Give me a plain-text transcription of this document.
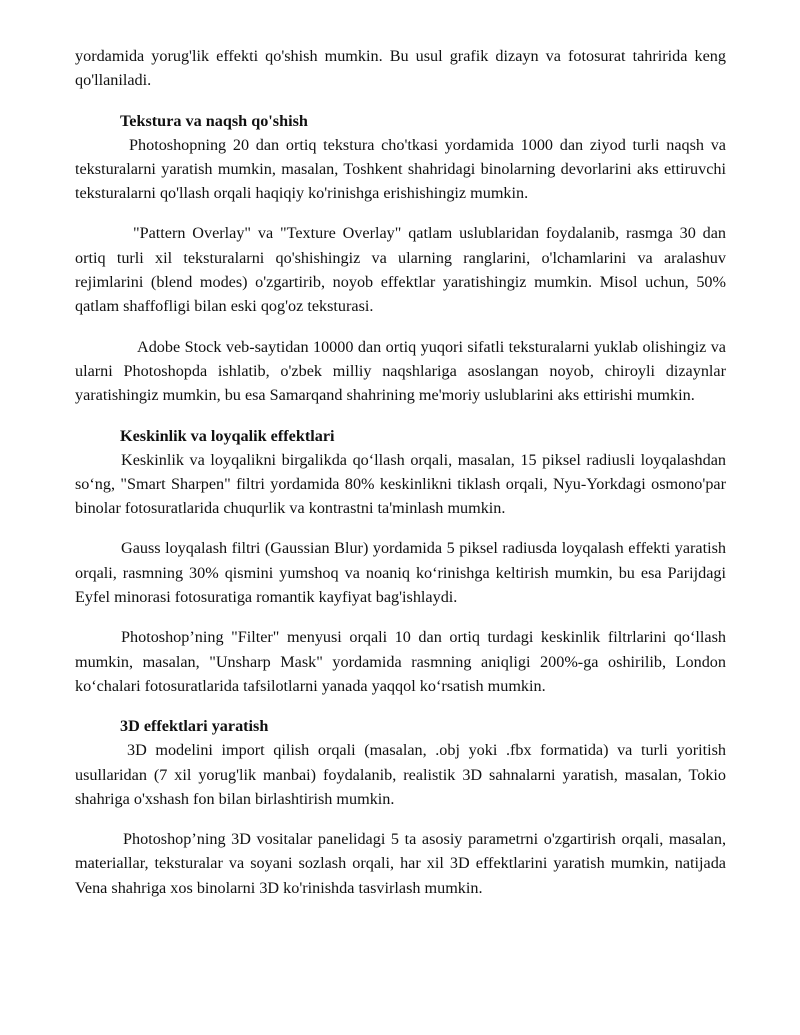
yordamida yorug'lik effekti qo'shish mumkin. Bu usul grafik dizayn va fotosurat tahririda keng qo'llaniladi.

Tekstura va naqsh qo'shish

Photoshopning 20 dan ortiq tekstura cho'tkasi yordamida 1000 dan ziyod turli naqsh va teksturalarni yaratish mumkin, masalan, Toshkent shahridagi binolarning devorlarini aks ettiruvchi teksturalarni qo'llash orqali haqiqiy ko'rinishga erishishingiz mumkin.

"Pattern Overlay" va "Texture Overlay" qatlam uslublaridan foydalanib, rasmga 30 dan ortiq turli xil teksturalarni qo'shishingiz va ularning ranglarini, o'lchamlarini va aralashuv rejimlarini (blend modes) o'zgartirib, noyob effektlar yaratishingiz mumkin. Misol uchun, 50% qatlam shaffofligi bilan eski qog'oz teksturasi.

Adobe Stock veb-saytidan 10000 dan ortiq yuqori sifatli teksturalarni yuklab olishingiz va ularni Photoshopda ishlatib, o'zbek milliy naqshlariga asoslangan noyob, chiroyli dizaynlar yaratishingiz mumkin, bu esa Samarqand shahrining me'moriy uslublarini aks ettirishi mumkin.

Keskinlik va loyqalik effektlari

Keskinlik va loyqalikni birgalikda qo‘llash orqali, masalan, 15 piksel radiusli loyqalashdan so‘ng, "Smart Sharpen" filtri yordamida 80% keskinlikni tiklash orqali, Nyu-Yorkdagi osmono'par binolar fotosuratlarida chuqurlik va kontrastni ta'minlash mumkin.

Gauss loyqalash filtri (Gaussian Blur) yordamida 5 piksel radiusda loyqalash effekti yaratish orqali, rasmning 30% qismini yumshoq va noaniq ko‘rinishga keltirish mumkin, bu esa Parijdagi Eyfel minorasi fotosuratiga romantik kayfiyat bag'ishlaydi.

Photoshop’ning "Filter" menyusi orqali 10 dan ortiq turdagi keskinlik filtrlarini qo‘llash mumkin, masalan, "Unsharp Mask" yordamida rasmning aniqligi 200%-ga oshirilib, London ko‘chalari fotosuratlarida tafsilotlarni yanada yaqqol ko‘rsatish mumkin.

3D effektlari yaratish

3D modelini import qilish orqali (masalan, .obj yoki .fbx formatida) va turli yoritish usullaridan (7 xil yorug'lik manbai) foydalanib, realistik 3D sahnalarni yaratish, masalan, Tokio shahriga o'xshash fon bilan birlashtirish mumkin.

Photoshop’ning 3D vositalar panelidagi 5 ta asosiy parametrni o'zgartirish orqali, masalan, materiallar, teksturalar va soyani sozlash orqali, har xil 3D effektlarini yaratish mumkin, natijada Vena shahriga xos binolarni 3D ko'rinishda tasvirlash mumkin.
